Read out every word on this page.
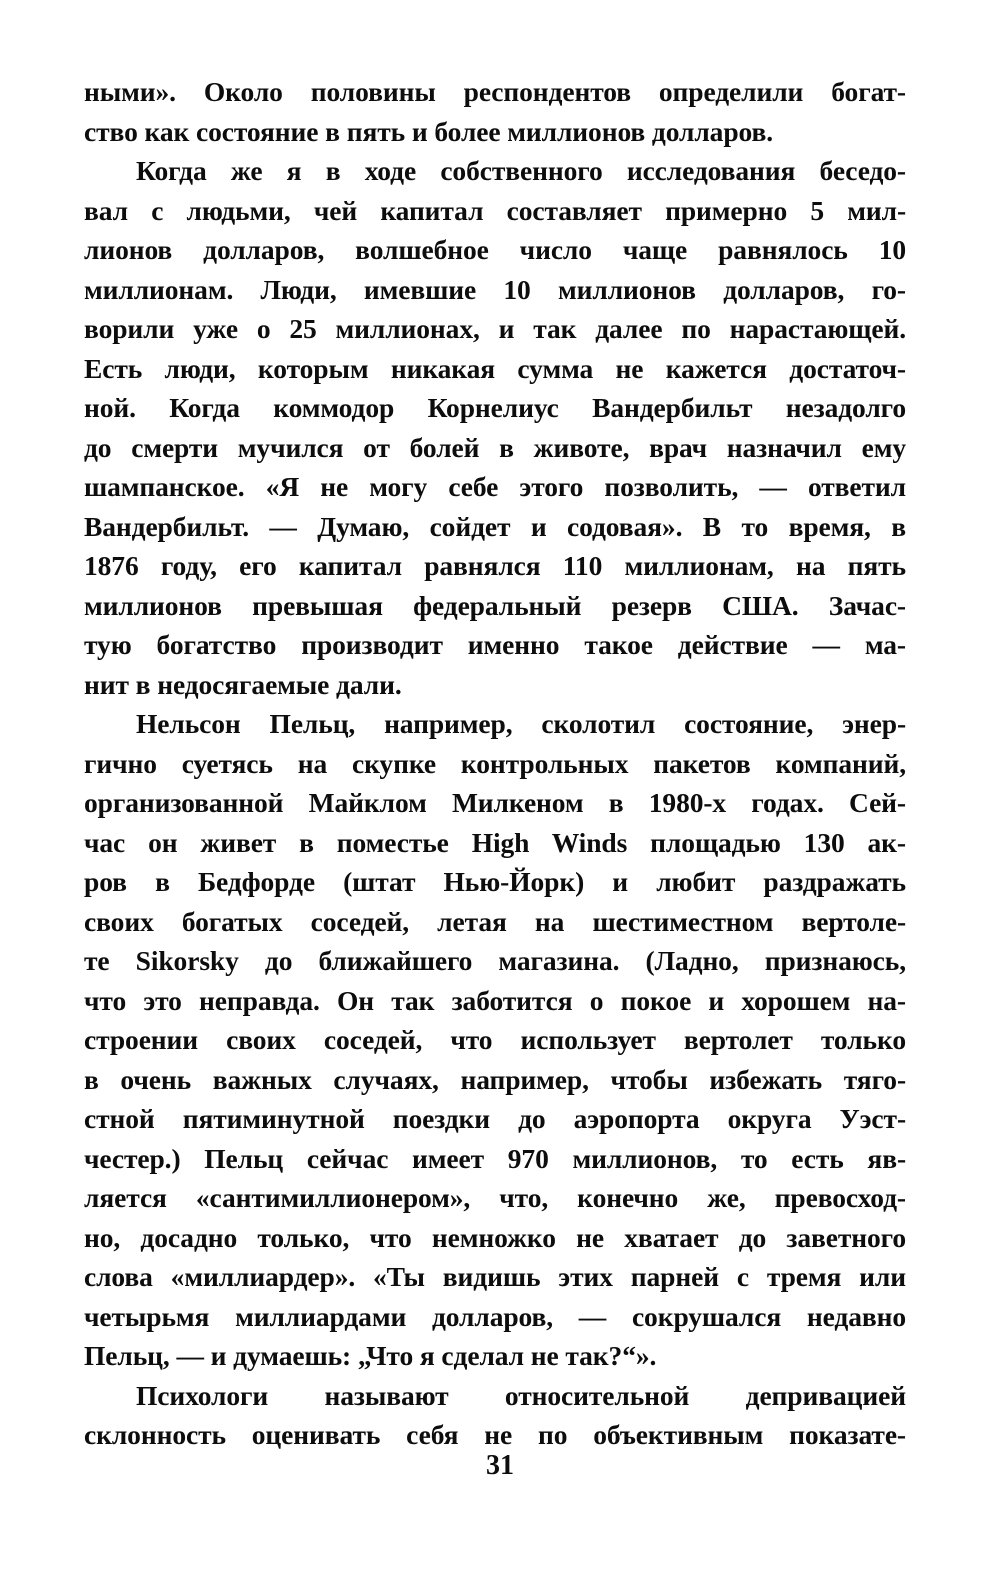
ными». Около половины респондентов определили богат-
ство как состояние в пять и более миллионов долларов.
Когда же я в ходе собственного исследования беседо-
вал с людьми, чей капитал составляет примерно 5 мил-
лионов долларов, волшебное число чаще равнялось 10
миллионам. Люди, имевшие 10 миллионов долларов, го-
ворили уже о 25 миллионах, и так далее по нарастающей.
Есть люди, которым никакая сумма не кажется достаточ-
ной. Когда коммодор Корнелиус Вандербильт незадолго
до смерти мучился от болей в животе, врач назначил ему
шампанское. «Я не могу себе этого позволить, — ответил
Вандербильт. — Думаю, сойдет и содовая». В то время, в
1876 году, его капитал равнялся 110 миллионам, на пять
миллионов превышая федеральный резерв США. Зачас-
тую богатство производит именно такое действие — ма-
нит в недосягаемые дали.
Нельсон Пельц, например, сколотил состояние, энер-
гично суетясь на скупке контрольных пакетов компаний,
организованной Майклом Милкеном в 1980-х годах. Сей-
час он живет в поместье High Winds площадью 130 ак-
ров в Бедфорде (штат Нью-Йорк) и любит раздражать
своих богатых соседей, летая на шестиместном вертоле-
те Sikorsky до ближайшего магазина. (Ладно, признаюсь,
что это неправда. Он так заботится о покое и хорошем на-
строении своих соседей, что использует вертолет только
в очень важных случаях, например, чтобы избежать тяго-
стной пятиминутной поездки до аэропорта округа Уэст-
честер.) Пельц сейчас имеет 970 миллионов, то есть яв-
ляется «сантимиллионером», что, конечно же, превосход-
но, досадно только, что немножко не хватает до заветного
слова «миллиардер». «Ты видишь этих парней с тремя или
четырьмя миллиардами долларов, — сокрушался недавно
Пельц, — и думаешь: „Что я сделал не так?“».
Психологи называют относительной депривацией
склонность оценивать себя не по объективным показате-
31
